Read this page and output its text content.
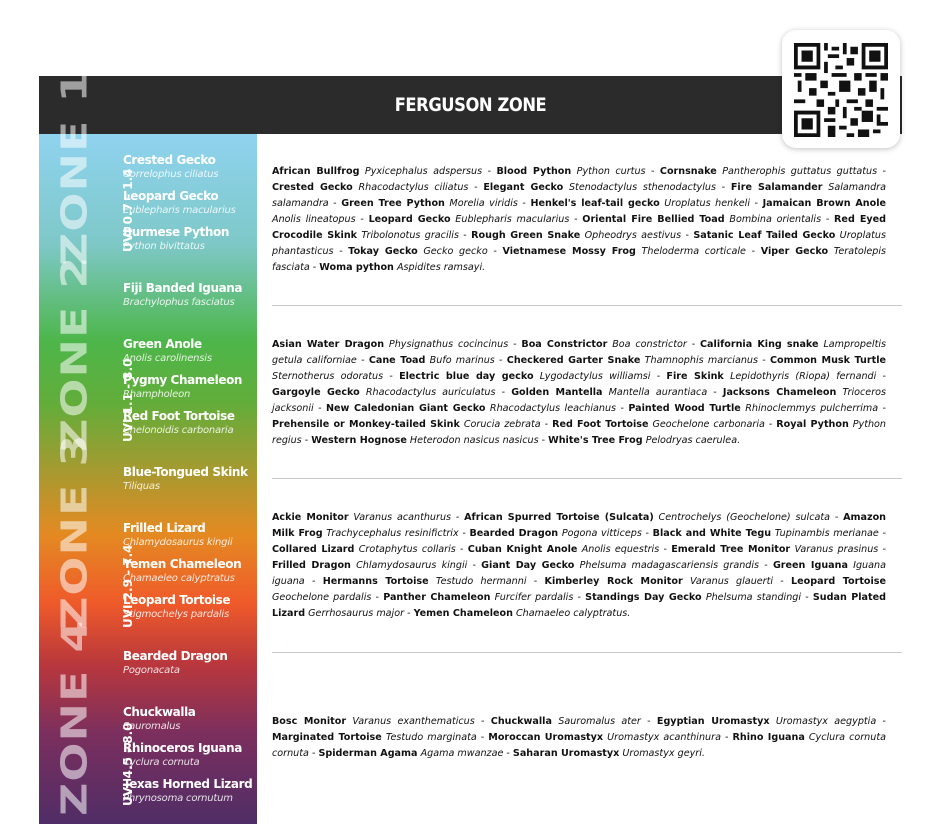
FERGUSON ZONE
ZONE 1 UVI 0.7 - 1.4
Crested Gecko
Correlophus ciliatus
Leopard Gecko
Eublepharis macularius
Burmese Python
Python bivittatus
Fiji Banded Iguana
Brachylophus fasciatus
ZONE 2 UVI 1.1 - 3.0
Green Anole
Anolis carolinensis
Pygmy Chameleon
Rhampholeon
Red Foot Tortoise
Chelonoidis carbonaria
Blue-Tongued Skink
Tiliquas
ZONE 3 UVI 2.9 - 7.4
Frilled Lizard
Chlamydosaurus kingii
Yemen Chameleon
Chamaeleo calyptratus
Leopard Tortoise
Stigmochelys pardalis
Bearded Dragon
Pogonacata
ZONE 4 UVI 4.5 - 8.0
Chuckwalla
Sauromalus
Rhinoceros Iguana
Cyclura cornuta
Texas Horned Lizard
Phrynosoma cornutum
African Bullfrog Pyxicephalus adspersus - Blood Python Python curtus - Cornsnake Pantherophis guttatus guttatus - Crested Gecko Rhacodactylus ciliatus - Elegant Gecko Stenodactylus sthenodactylus - Fire Salamander Salamandra salamandra - Green Tree Python Morelia viridis - Henkel's leaf-tail gecko Uroplatus henkeli - Jamaican Brown Anole Anolis lineatopus - Leopard Gecko Eublepharis macularius - Oriental Fire Bellied Toad Bombina orientalis - Red Eyed Crocodile Skink Tribolonotus gracilis - Rough Green Snake Opheodrys aestivus - Satanic Leaf Tailed Gecko Uroplatus phantasticus - Tokay Gecko Gecko gecko - Vietnamese Mossy Frog Theloderma corticale - Viper Gecko Teratolepis fasciata - Woma python Aspidites ramsayi.
Asian Water Dragon Physignathus cocincinus - Boa Constrictor Boa constrictor - California King snake Lampropeltis getula californiae - Cane Toad Bufo marinus - Checkered Garter Snake Thamnophis marcianus - Common Musk Turtle Sternotherus odoratus - Electric blue day gecko Lygodactylus williamsi - Fire Skink Lepidothyris (Riopa) fernandi - Gargoyle Gecko Rhacodactylus auriculatus - Golden Mantella Mantella aurantiaca - Jacksons Chameleon Trioceros jacksonii - New Caledonian Giant Gecko Rhacodactylus leachianus - Painted Wood Turtle Rhinoclemmys pulcherrima - Prehensile or Monkey-tailed Skink Corucia zebrata - Red Foot Tortoise Geochelone carbonaria - Royal Python Python regius - Western Hognose Heterodon nasicus nasicus - White's Tree Frog Pelodryas caerulea.
Ackie Monitor Varanus acanthurus - African Spurred Tortoise (Sulcata) Centrochelys (Geochelone) sulcata - Amazon Milk Frog Trachycephalus resinifictrix - Bearded Dragon Pogona vitticeps - Black and White Tegu Tupinambis merianae - Collared Lizard Crotaphytus collaris - Cuban Knight Anole Anolis equestris - Emerald Tree Monitor Varanus prasinus - Frilled Dragon Chlamydosaurus kingii - Giant Day Gecko Phelsuma madagascariensis grandis - Green Iguana Iguana iguana - Hermanns Tortoise Testudo hermanni - Kimberley Rock Monitor Varanus glauerti - Leopard Tortoise Geochelone pardalis - Panther Chameleon Furcifer pardalis - Standings Day Gecko Phelsuma standingi - Sudan Plated Lizard Gerrhosaurus major - Yemen Chameleon Chamaeleo calyptratus.
Bosc Monitor Varanus exanthematicus - Chuckwalla Sauromalus ater - Egyptian Uromastyx Uromastyx aegyptia - Marginated Tortoise Testudo marginata - Moroccan Uromastyx Uromastyx acanthinura - Rhino Iguana Cyclura cornuta cornuta - Spiderman Agama Agama mwanzae - Saharan Uromastyx Uromastyx geyri.
